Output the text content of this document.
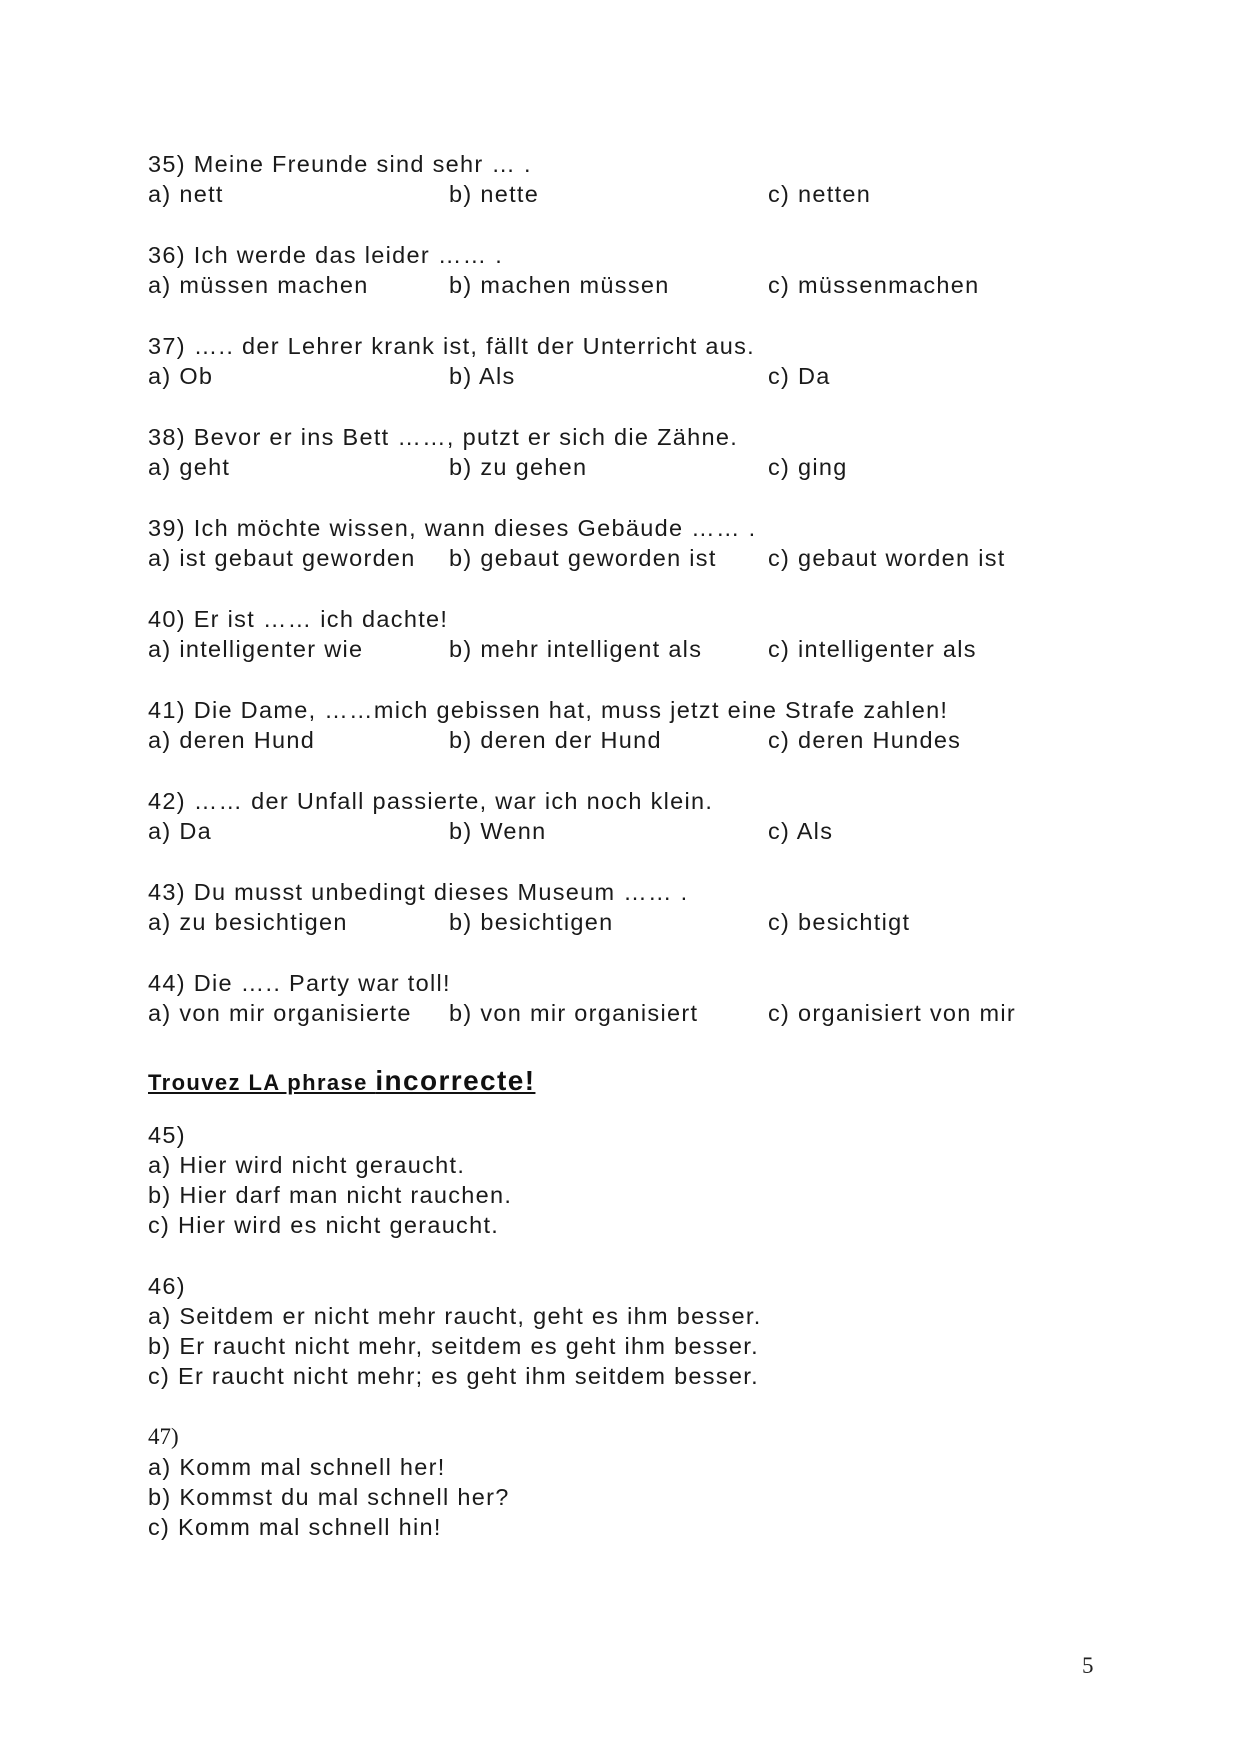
35) Meine Freunde sind sehr … .
a) nett	b) nette	c) netten
36) Ich werde das leider …… .
a) müssen machen	b) machen müssen	c) müssenmachen
37) ….. der Lehrer krank ist, fällt der Unterricht aus.
a) Ob	b) Als	c) Da
38) Bevor er ins Bett ……, putzt er sich die Zähne.
a) geht	b) zu gehen	c) ging
39) Ich möchte wissen, wann dieses Gebäude …… .
a) ist gebaut geworden b) gebaut geworden ist c) gebaut worden ist
40) Er ist …… ich dachte!
a) intelligenter wie	b) mehr intelligent als	c) intelligenter als
41) Die Dame, ……mich gebissen hat, muss jetzt eine Strafe zahlen!
a) deren Hund	b) deren der Hund	c) deren Hundes
42) …… der Unfall passierte, war ich noch klein.
a) Da	b) Wenn	c) Als
43) Du musst unbedingt dieses Museum …… .
a) zu besichtigen	b) besichtigen	c) besichtigt
44) Die ….. Party war toll!
a) von mir organisierte b) von mir organisiert	c) organisiert von mir
Trouvez LA phrase incorrecte!
45)
a) Hier wird nicht geraucht.
b) Hier darf man nicht rauchen.
c) Hier wird es nicht geraucht.
46)
a) Seitdem er nicht mehr raucht, geht es ihm besser.
b) Er raucht nicht mehr, seitdem es geht ihm besser.
c) Er raucht nicht mehr; es geht ihm seitdem besser.
47)
a) Komm mal schnell her!
b) Kommst du mal schnell her?
c) Komm mal schnell hin!
5
